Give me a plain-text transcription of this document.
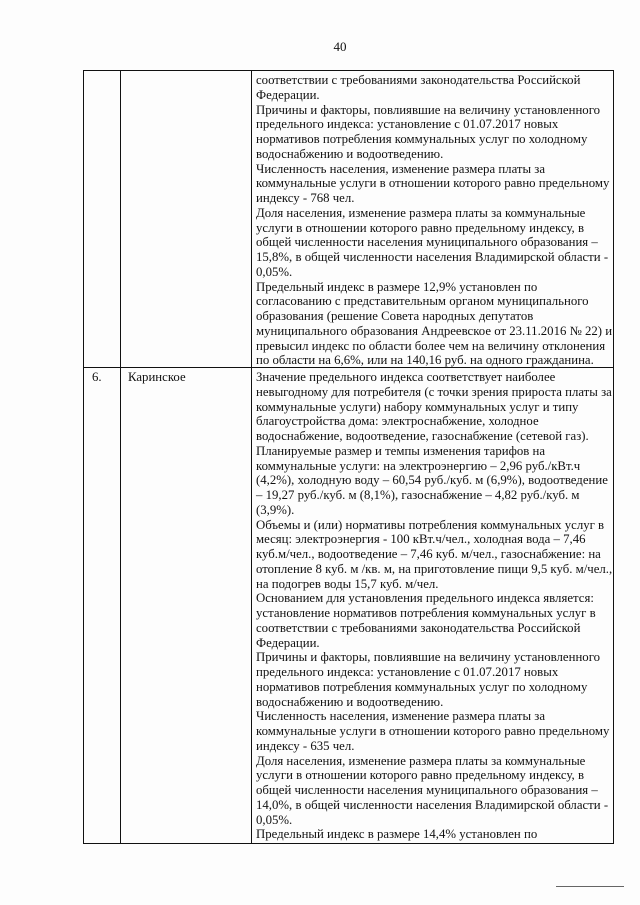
40
соответствии с требованиями законодательства Российской
Федерации.
Причины и факторы, повлиявшие на величину установленного
предельного индекса: установление с 01.07.2017 новых
нормативов потребления коммунальных услуг по холодному
водоснабжению и водоотведению.
Численность населения, изменение размера платы за
коммунальные услуги в отношении которого равно предельному
индексу - 768 чел.
Доля населения, изменение размера платы за коммунальные
услуги в отношении которого равно предельному индексу, в
общей численности населения муниципального образования –
15,8%, в общей численности населения Владимирской области -
0,05%.
Предельный индекс в размере 12,9% установлен по
согласованию с представительным органом муниципального
образования (решение Совета народных депутатов
муниципального образования Андреевское от 23.11.2016 № 22) и
превысил индекс по области более чем на величину отклонения
по области на 6,6%, или на 140,16 руб. на одного гражданина.
6.	Каринское	Значение предельного индекса соответствует наиболее
невыгодному для потребителя (с точки зрения прироста платы за
коммунальные услуги) набору коммунальных услуг и типу
благоустройства дома: электроснабжение, холодное
водоснабжение, водоотведение, газоснабжение (сетевой газ).
Планируемые размер и темпы изменения тарифов на
коммунальные услуги: на электроэнергию – 2,96 руб./кВт.ч
(4,2%), холодную воду – 60,54 руб./куб. м (6,9%), водоотведение
– 19,27 руб./куб. м (8,1%), газоснабжение – 4,82 руб./куб. м
(3,9%).
Объемы и (или) нормативы потребления коммунальных услуг в
месяц: электроэнергия - 100 кВт.ч/чел., холодная вода – 7,46
куб.м/чел., водоотведение – 7,46 куб. м/чел., газоснабжение: на
отопление 8 куб. м /кв. м, на приготовление пищи 9,5 куб. м/чел.,
на подогрев воды 15,7 куб. м/чел.
Основанием для установления предельного индекса является:
установление нормативов потребления коммунальных услуг в
соответствии с требованиями законодательства Российской
Федерации.
Причины и факторы, повлиявшие на величину установленного
предельного индекса: установление с 01.07.2017 новых
нормативов потребления коммунальных услуг по холодному
водоснабжению и водоотведению.
Численность населения, изменение размера платы за
коммунальные услуги в отношении которого равно предельному
индексу - 635 чел.
Доля населения, изменение размера платы за коммунальные
услуги в отношении которого равно предельному индексу, в
общей численности населения муниципального образования –
14,0%, в общей численности населения Владимирской области -
0,05%.
Предельный индекс в размере 14,4% установлен по
